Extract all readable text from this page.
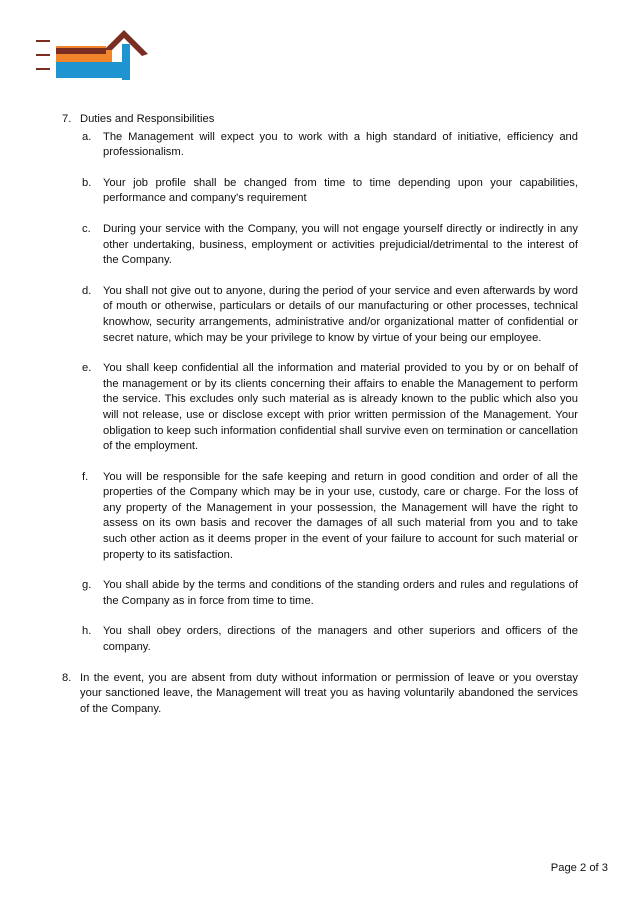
7. Duties and Responsibilities
a.	The Management will expect you to work with a high standard of initiative, efficiency and professionalism.
b.	Your job profile shall be changed from time to time depending upon your capabilities, performance and company's requirement
c.	During your service with the Company, you will not engage yourself directly or indirectly in any other undertaking, business, employment or activities prejudicial/detrimental to the interest of the Company.
d.	You shall not give out to anyone, during the period of your service and even afterwards by word of mouth or otherwise, particulars or details of our manufacturing or other processes, technical knowhow, security arrangements, administrative and/or organizational matter of confidential or secret nature, which may be your privilege to know by virtue of your being our employee.
e.	You shall keep confidential all the information and material provided to you by or on behalf of the management or by its clients concerning their affairs to enable the Management to perform the service. This excludes only such material as is already known to the public which also you will not release, use or disclose except with prior written permission of the Management. Your obligation to keep such information confidential shall survive even on termination or cancellation of the employment.
f.	You will be responsible for the safe keeping and return in good condition and order of all the properties of the Company which may be in your use, custody, care or charge. For the loss of any property of the Management in your possession, the Management will have the right to assess on its own basis and recover the damages of all such material from you and to take such other action as it deems proper in the event of your failure to account for such material or property to its satisfaction.
g.	You shall abide by the terms and conditions of the standing orders and rules and regulations of the Company as in force from time to time.
h.	You shall obey orders, directions of the managers and other superiors and officers of the company.
8. In the event, you are absent from duty without information or permission of leave or you overstay your sanctioned leave, the Management will treat you as having voluntarily abandoned the services of the Company.
Page 2 of 3
